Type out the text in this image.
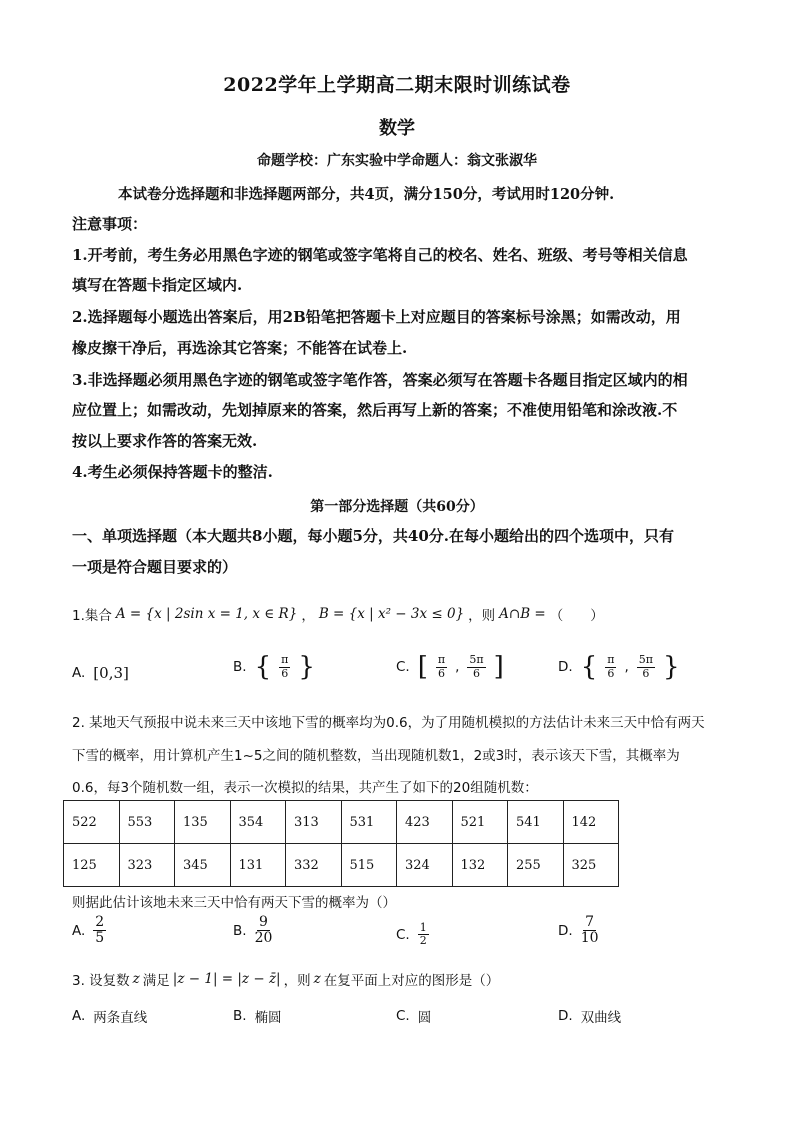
2022学年上学期高二期末限时训练试卷
数学
命题学校：广东实验中学命题人：翁文张淑华
本试卷分选择题和非选择题两部分，共4页，满分150分，考试用时120分钟.
注意事项：
1.开考前，考生务必用黑色字迹的钢笔或签字笔将自己的校名、姓名、班级、考号等相关信息
填写在答题卡指定区域内.
2.选择题每小题选出答案后，用2B铅笔把答题卡上对应题目的答案标号涂黑；如需改动，用
橡皮擦干净后，再选涂其它答案；不能答在试卷上.
3.非选择题必须用黑色字迹的钢笔或签字笔作答，答案必须写在答题卡各题目指定区域内的相
应位置上；如需改动，先划掉原来的答案，然后再写上新的答案；不准使用铅笔和涂改液.不
按以上要求作答的答案无效.
4.考生必须保持答题卡的整洁.
第一部分选择题（共60分）
一、单项选择题（本大题共8小题，每小题5分，共40分.在每小题给出的四个选项中，只有
一项是符合题目要求的）
1.集合 A = {x | 2sin x = 1, x ∈ R} ， B = {x | x² − 3x ≤ 0} ，则 A∩B = （　　）
A. [0,3]	B. { $\frac{\pi}{6}$ }	C. [ $\frac{\pi}{6}$ , $\frac{5\pi}{6}$ ]	D. { $\frac{\pi}{6}$ , $\frac{5\pi}{6}$ }
2. 某地天气预报中说未来三天中该地下雪的概率均为0.6，为了用随机模拟的方法估计未来三天中恰有两天
下雪的概率，用计算机产生1~5之间的随机整数，当出现随机数1，2或3时，表示该天下雪，其概率为
0.6，每3个随机数一组，表示一次模拟的结果，共产生了如下的20组随机数：
522	553	135	354	313	531	423	521	541	142
125	323	345	131	332	515	324	132	255	325
则据此估计该地未来三天中恰有两天下雪的概率为（）
A. $\frac{2}{5}$	B. $\frac{9}{20}$	C. $\frac{1}{2}$	D. $\frac{7}{10}$
3. 设复数 z 满足 |z − 1| = |z − z̄| ，则 z 在复平面上对应的图形是（）
A. 两条直线	B. 椭圆	C. 圆	D. 双曲线
